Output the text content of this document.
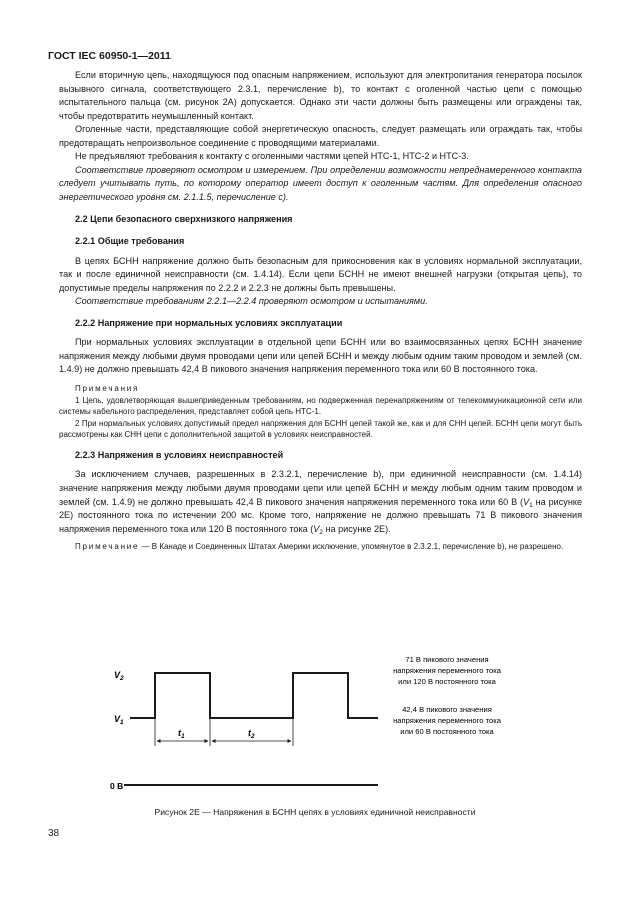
ГОСТ IEC 60950-1—2011

Если вторичную цепь, находящуюся под опасным напряжением, используют для электропитания генератора посылок вызывного сигнала, соответствующего 2.3.1, перечисление b), то контакт с оголенной частью цепи с помощью испытательного пальца (см. рисунок 2А) допускается. Однако эти части должны быть размещены или ограждены так, чтобы предотвратить неумышленный контакт.

Оголенные части, представляющие собой энергетическую опасность, следует размещать или ограждать так, чтобы предотвращать непроизвольное соединение с проводящими материалами.

Не предъявляют требования к контакту с оголенными частями цепей НТС-1, НТС-2 и НТС-3.

Соответствие проверяют осмотром и измерением. При определении возможности непреднамеренного контакта следует учитывать путь, по которому оператор имеет доступ к оголенным частям. Для определения опасного энергетического уровня см. 2.1.1.5, перечисление c).

2.2 Цепи безопасного сверхнизкого напряжения

2.2.1 Общие требования

В цепях БСНН напряжение должно быть безопасным для прикосновения как в условиях нормальной эксплуатации, так и после единичной неисправности (см. 1.4.14). Если цепи БСНН не имеют внешней нагрузки (открытая цепь), то допустимые пределы напряжения по 2.2.2 и 2.2.3 не должны быть превышены.

Соответствие требованиям 2.2.1—2.2.4 проверяют осмотром и испытаниями.

2.2.2 Напряжение при нормальных условиях эксплуатации

При нормальных условиях эксплуатации в отдельной цепи БСНН или во взаимосвязанных цепях БСНН значение напряжения между любыми двумя проводами цепи или цепей БСНН и между любым одним таким проводом и землей (см. 1.4.9) не должно превышать 42,4 В пикового значения напряжения переменного тока или 60 В постоянного тока.

Примечания

1 Цепь, удовлетворяющая вышеприведенным требованиям, но подверженная перенапряжениям от телекоммуникационной сети или системы кабельного распределения, представляет собой цепь НТС-1.

2 При нормальных условиях допустимый предел напряжения для БСНН цепей такой же, как и для СНН цепей. БСНН цепи могут быть рассмотрены как СНН цепи с дополнительной защитой в условиях неисправностей.

2.2.3 Напряжения в условиях неисправностей

За исключением случаев, разрешенных в 2.3.2.1, перечисление b), при единичной неисправности (см. 1.4.14) значение напряжения между любыми двумя проводами цепи или цепей БСНН и между любым одним таким проводом и землей (см. 1.4.9) не должно превышать 42,4 В пикового значения напряжения переменного тока или 60 В ($V_1$ на рисунке 2Е) постоянного тока по истечении 200 мс. Кроме того, напряжение не должно превышать 71 В пикового значения напряжения переменного тока или 120 В постоянного тока ($V_2$ на рисунке 2Е).

Примечание — В Канаде и Соединенных Штатах Америки исключение, упомянутое в 2.3.2.1, перечисление b), не разрешено.

$V_2$
$V_1$
$t_1$	$t_2$
0 В
71 В пикового значения
напряжения переменного тока
или 120 В постоянного тока
42,4 В пикового значения
напряжения переменного тока
или 60 В постоянного тока
Рисунок 2Е — Напряжения в БСНН цепях в условиях единичной неисправности
38
